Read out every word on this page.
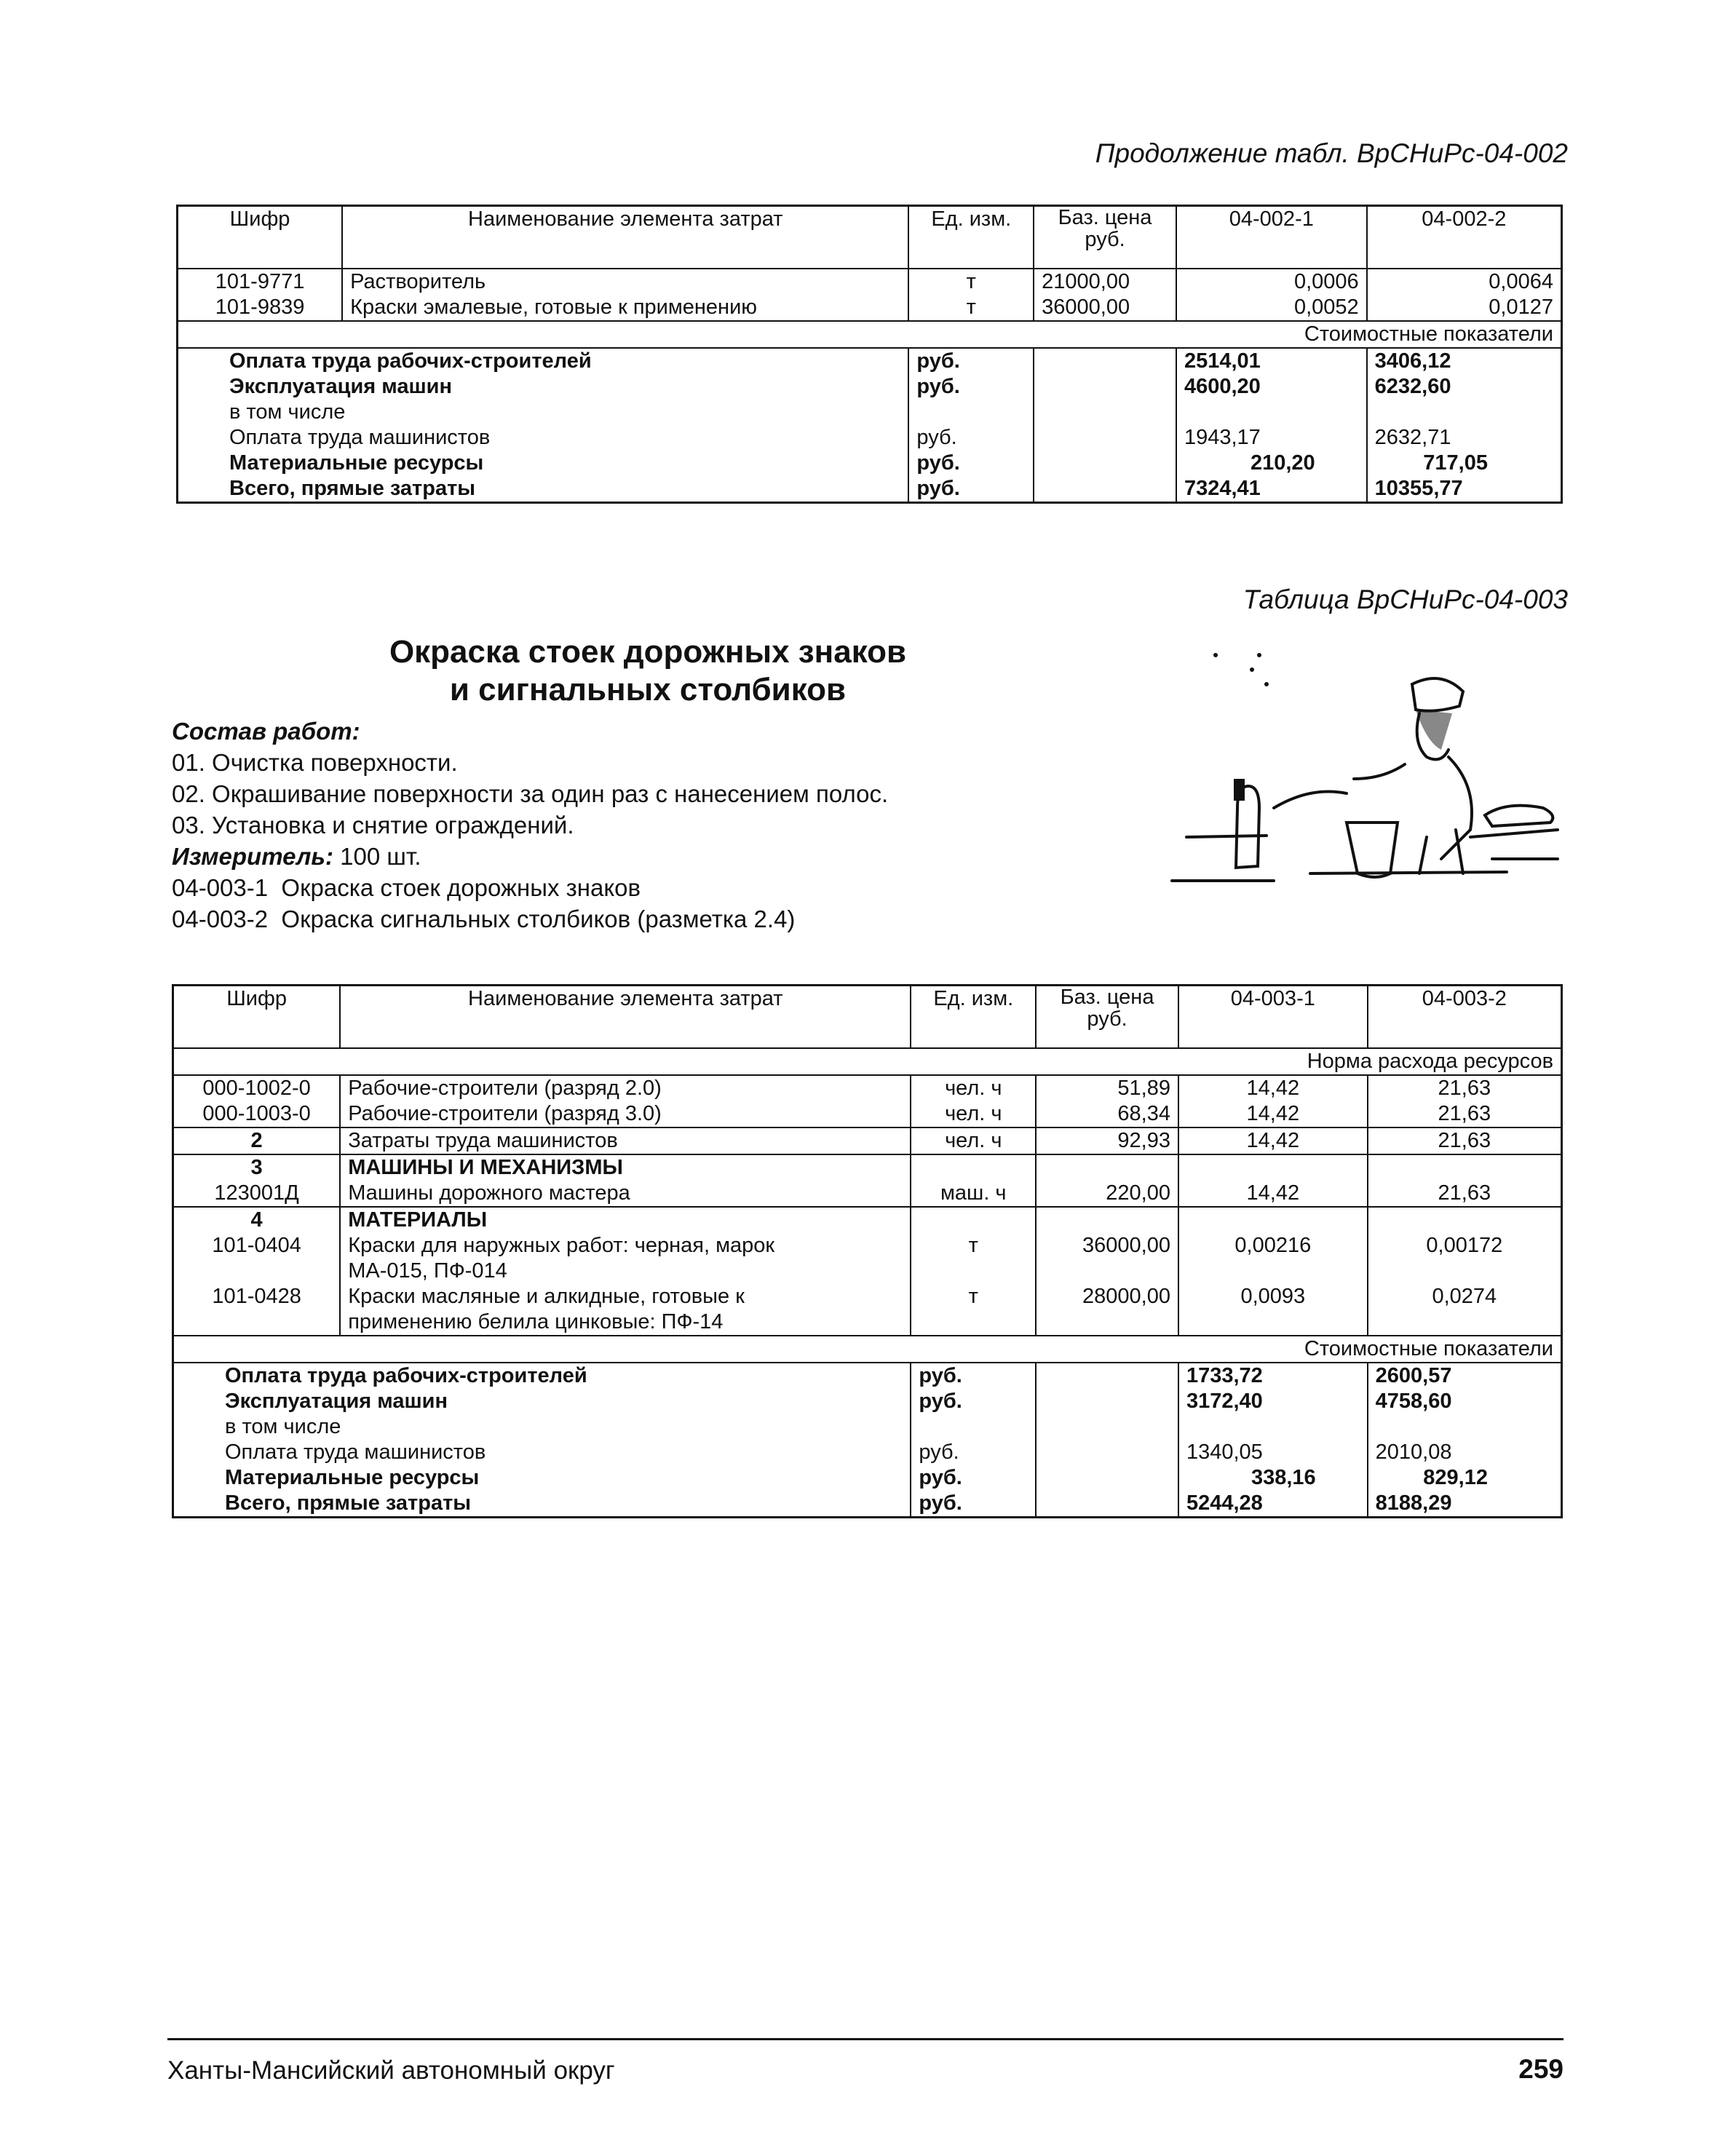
Продолжение табл. ВрСНиРс-04-002
Шифр	Наименование элемента затрат	Ед. изм.	Баз. цена руб.	04-002-1	04-002-2
101-9771	Растворитель	т	21000,00	0,0006	0,0064
101-9839	Краски эмалевые, готовые к применению	т	36000,00	0,0052	0,0127
Стоимостные показатели					
Оплата труда рабочих-строителей		руб.		2514,01	3406,12
Эксплуатация машин		руб.		4600,20	6232,60
в том числе					
Оплата труда машинистов		руб.		1943,17	2632,71
Материальные ресурсы		руб.		210,20	717,05
Всего, прямые затраты		руб.		7324,41	10355,77
Таблица ВрСНиРс-04-003
Окраска стоек дорожных знаков
и сигнальных столбиков
Состав работ:
01. Очистка поверхности.
02. Окрашивание поверхности за один раз с нанесением полос.
03. Установка и снятие ограждений.
Измеритель: 100 шт.
04-003-1  Окраска стоек дорожных знаков
04-003-2  Окраска сигнальных столбиков (разметка 2.4)
Шифр	Наименование элемента затрат	Ед. изм.	Баз. цена руб.	04-003-1	04-003-2
Норма расхода ресурсов					
000-1002-0	Рабочие-строители (разряд 2.0)	чел. ч	51,89	14,42	21,63
000-1003-0	Рабочие-строители (разряд 3.0)	чел. ч	68,34	14,42	21,63
2	Затраты труда машинистов	чел. ч	92,93	14,42	21,63
3	МАШИНЫ И МЕХАНИЗМЫ				
123001Д	Машины дорожного мастера	маш. ч	220,00	14,42	21,63
4	МАТЕРИАЛЫ				
101-0404	Краски для наружных работ: черная, марок
МА-015, ПФ-014	т	36000,00	0,00216	0,00172
101-0428	Краски масляные и алкидные, готовые к
применению белила цинковые: ПФ-14	т	28000,00	0,0093	0,0274
Стоимостные показатели					
Оплата труда рабочих-строителей		руб.		1733,72	2600,57
Эксплуатация машин		руб.		3172,40	4758,60
в том числе					
Оплата труда машинистов		руб.		1340,05	2010,08
Материальные ресурсы		руб.		338,16	829,12
Всего, прямые затраты		руб.		5244,28	8188,29
Ханты-Мансийский автономный округ	259
